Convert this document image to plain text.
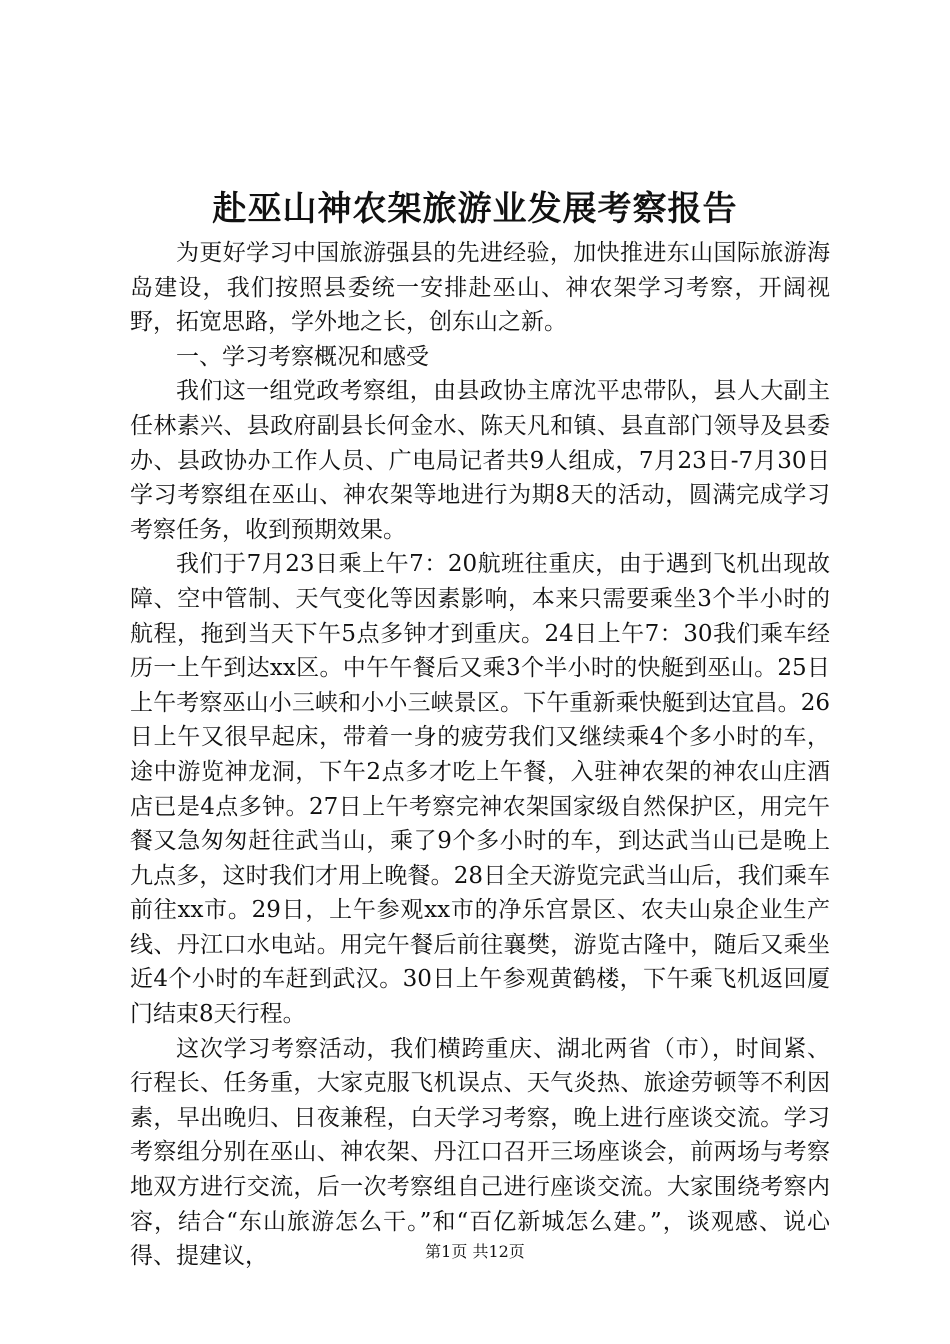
赴巫山神农架旅游业发展考察报告

为更好学习中国旅游强县的先进经验，加快推进东山国际旅游海岛建设，我们按照县委统一安排赴巫山、神农架学习考察，开阔视野，拓宽思路，学外地之长，创东山之新。

一、学习考察概况和感受

我们这一组党政考察组，由县政协主席沈平忠带队，县人大副主任林素兴、县政府副县长何金水、陈天凡和镇、县直部门领导及县委办、县政协办工作人员、广电局记者共9人组成，7月23日-7月30日学习考察组在巫山、神农架等地进行为期8天的活动，圆满完成学习考察任务，收到预期效果。

我们于7月23日乘上午7：20航班往重庆，由于遇到飞机出现故障、空中管制、天气变化等因素影响，本来只需要乘坐3个半小时的航程，拖到当天下午5点多钟才到重庆。24日上午7：30我们乘车经历一上午到达xx区。中午午餐后又乘3个半小时的快艇到巫山。25日上午考察巫山小三峡和小小三峡景区。下午重新乘快艇到达宜昌。26日上午又很早起床，带着一身的疲劳我们又继续乘4个多小时的车，途中游览神龙洞，下午2点多才吃上午餐，入驻神农架的神农山庄酒店已是4点多钟。27日上午考察完神农架国家级自然保护区，用完午餐又急匆匆赶往武当山，乘了9个多小时的车，到达武当山已是晚上九点多，这时我们才用上晚餐。28日全天游览完武当山后，我们乘车前往xx市。29日，上午参观xx市的净乐宫景区、农夫山泉企业生产线、丹江口水电站。用完午餐后前往襄樊，游览古隆中，随后又乘坐近4个小时的车赶到武汉。30日上午参观黄鹤楼，下午乘飞机返回厦门结束8天行程。

这次学习考察活动，我们横跨重庆、湖北两省（市），时间紧、行程长、任务重，大家克服飞机误点、天气炎热、旅途劳顿等不利因素，早出晚归、日夜兼程，白天学习考察，晚上进行座谈交流。学习考察组分别在巫山、神农架、丹江口召开三场座谈会，前两场与考察地双方进行交流，后一次考察组自己进行座谈交流。大家围绕考察内容，结合“东山旅游怎么干。”和“百亿新城怎么建。”，谈观感、说心得、提建议，	第1页 共12页
